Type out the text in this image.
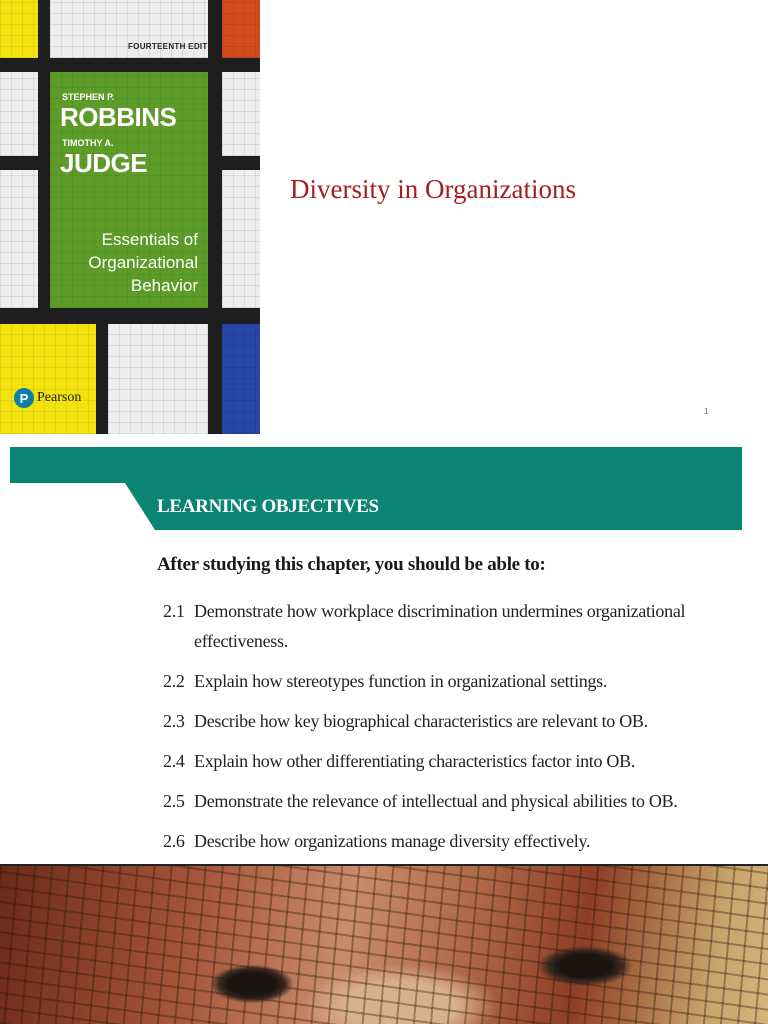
FOURTEENTH EDITION
STEPHEN P.
ROBBINS
TIMOTHY A.
JUDGE
Essentials of
Organizational
Behavior
P Pearson
Diversity in Organizations
1
LEARNING OBJECTIVES
After studying this chapter, you should be able to:
2.1 Demonstrate how workplace discrimination undermines organizational effectiveness.
2.2 Explain how stereotypes function in organizational settings.
2.3 Describe how key biographical characteristics are relevant to OB.
2.4 Explain how other differentiating characteristics factor into OB.
2.5 Demonstrate the relevance of intellectual and physical abilities to OB.
2.6 Describe how organizations manage diversity effectively.
